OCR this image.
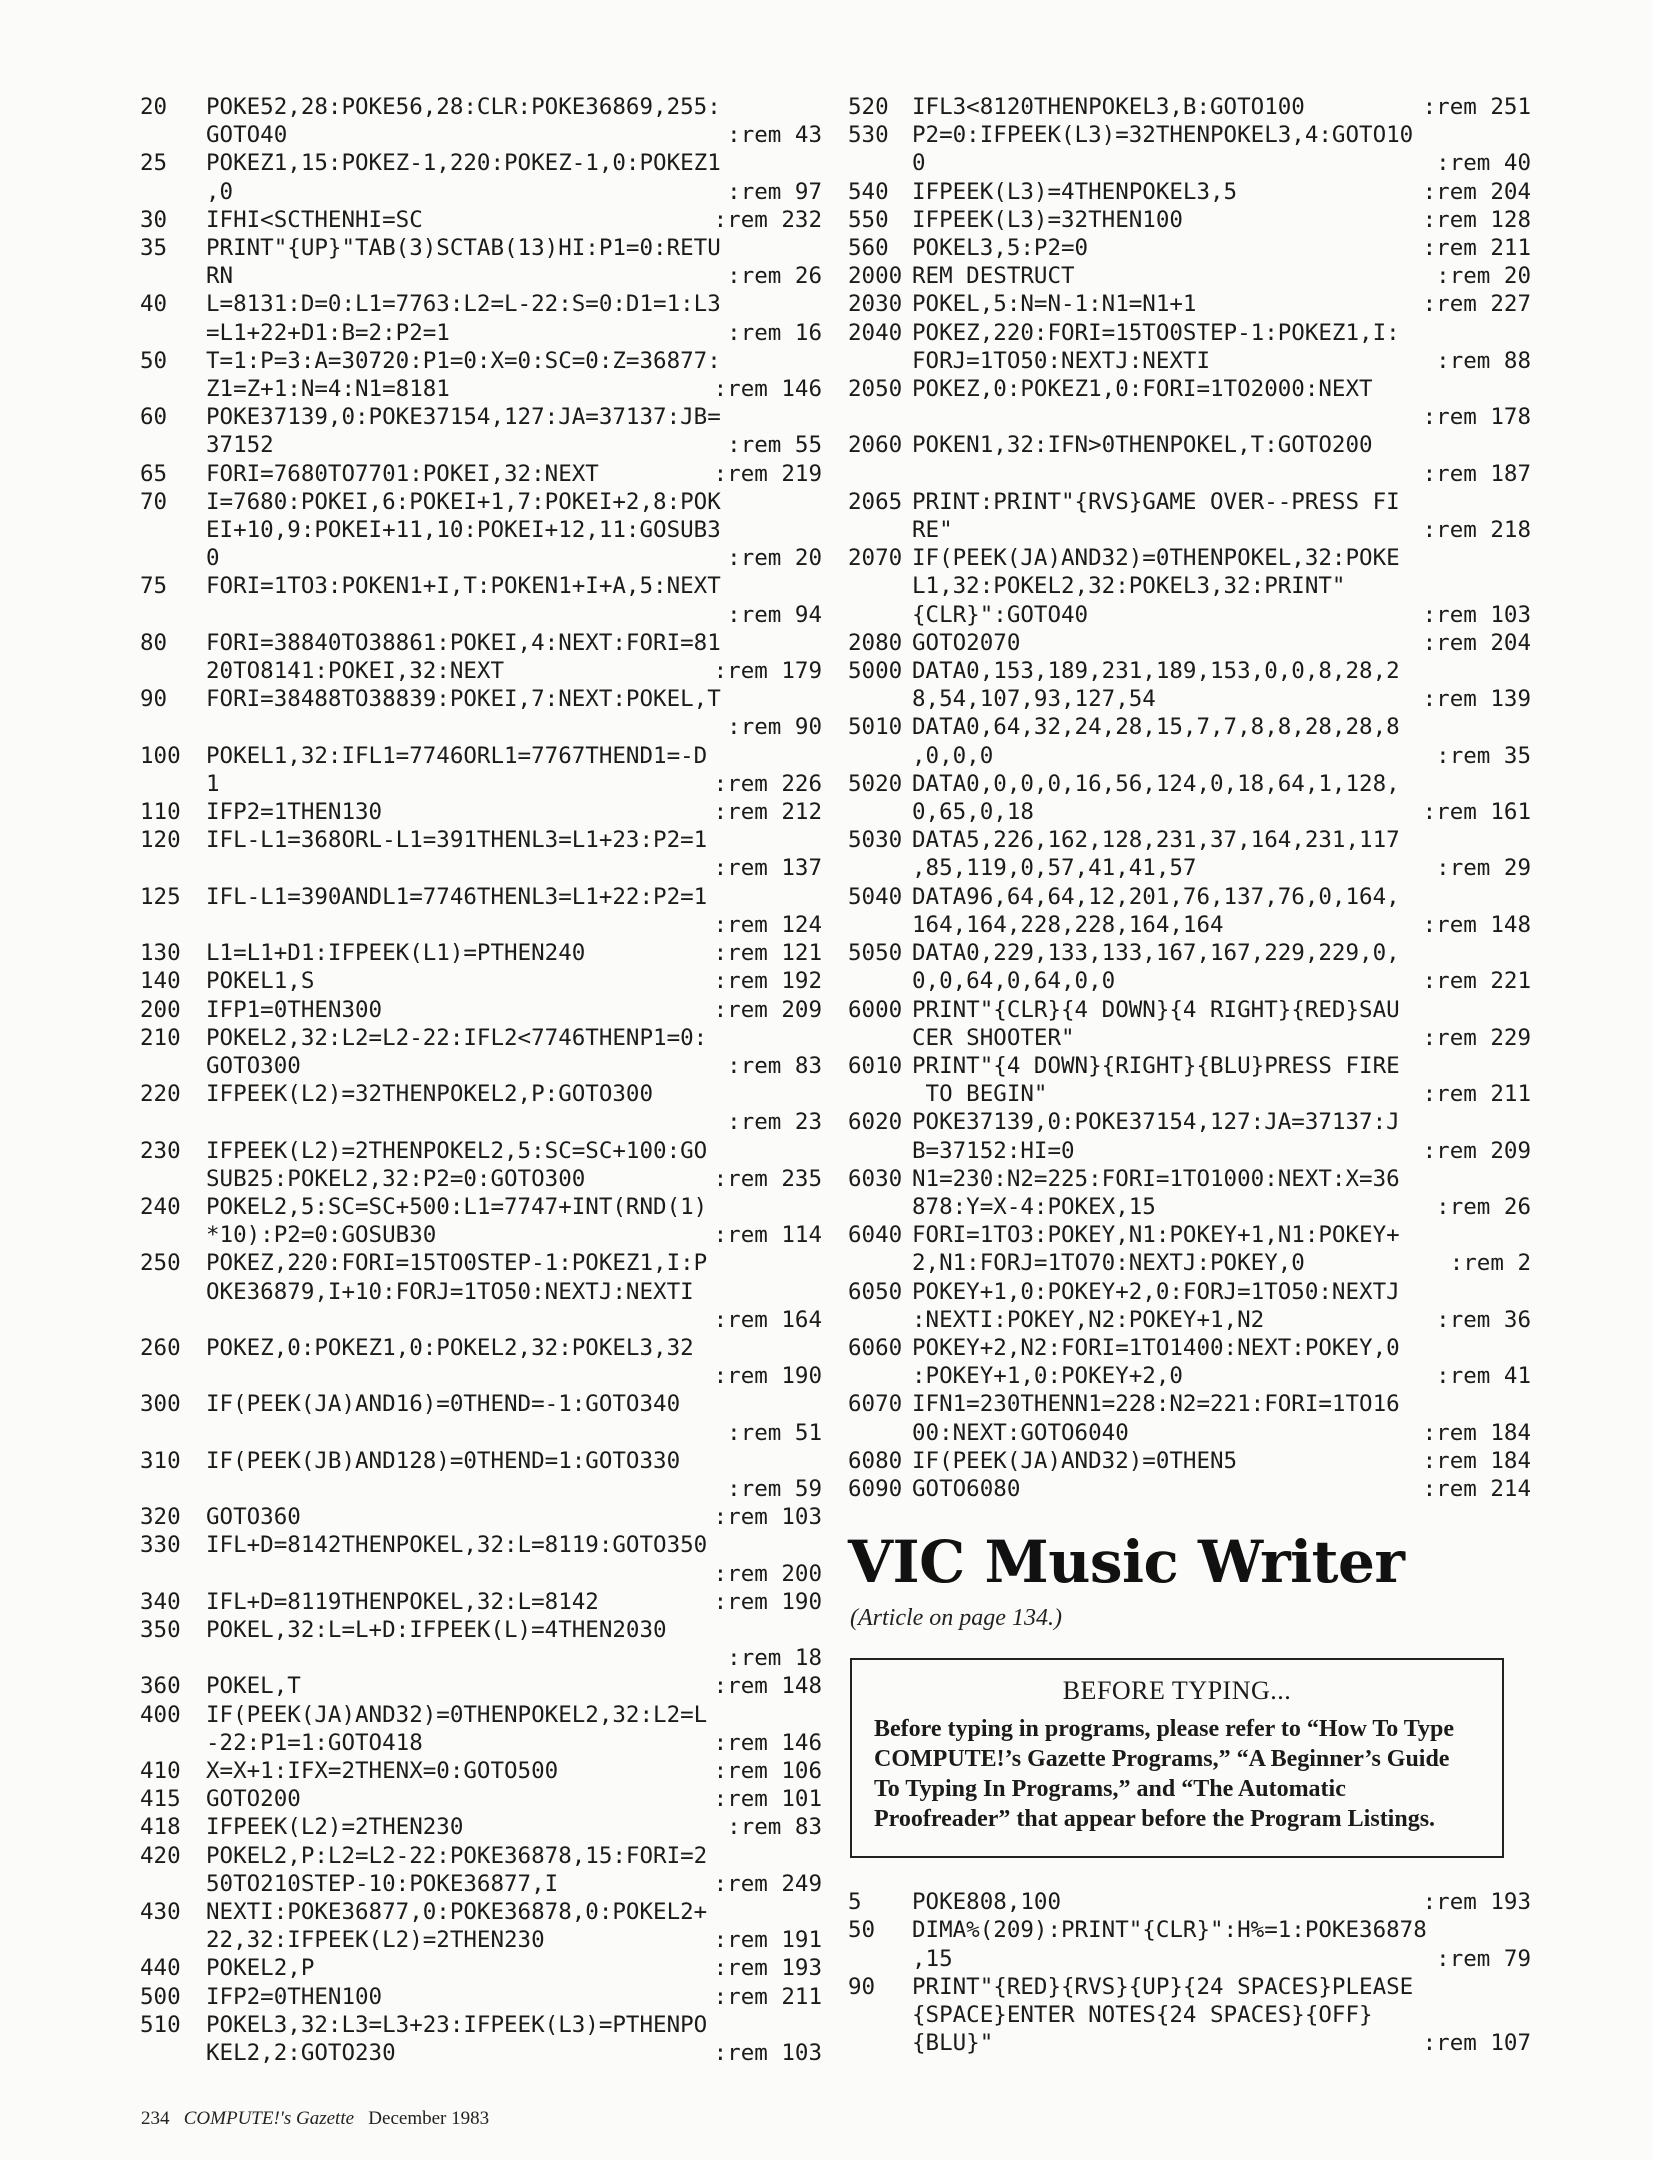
20	POKE52,28:POKE56,28:CLR:POKE36869,255:
GOTO40	:rem 43
25	POKEZ1,15:POKEZ-1,220:POKEZ-1,0:POKEZ1
,0	:rem 97
30	IFHI<SCTHENHI=SC	:rem 232
35	PRINT"{UP}"TAB(3)SCTAB(13)HI:P1=0:RETU
RN	:rem 26
40	L=8131:D=0:L1=7763:L2=L-22:S=0:D1=1:L3
=L1+22+D1:B=2:P2=1	:rem 16
50	T=1:P=3:A=30720:P1=0:X=0:SC=0:Z=36877:
Z1=Z+1:N=4:N1=8181	:rem 146
60	POKE37139,0:POKE37154,127:JA=37137:JB=
37152	:rem 55
65	FORI=7680TO7701:POKEI,32:NEXT	:rem 219
70	I=7680:POKEI,6:POKEI+1,7:POKEI+2,8:POK
EI+10,9:POKEI+11,10:POKEI+12,11:GOSUB3
0	:rem 20
75	FORI=1TO3:POKEN1+I,T:POKEN1+I+A,5:NEXT
:rem 94
80	FORI=38840TO38861:POKEI,4:NEXT:FORI=81
20TO8141:POKEI,32:NEXT	:rem 179
90	FORI=38488TO38839:POKEI,7:NEXT:POKEL,T
:rem 90
100	POKEL1,32:IFL1=7746ORL1=7767THEND1=-D
1	:rem 226
110	IFP2=1THEN130	:rem 212
120	IFL-L1=368ORL-L1=391THENL3=L1+23:P2=1
:rem 137
125	IFL-L1=390ANDL1=7746THENL3=L1+22:P2=1
:rem 124
130	L1=L1+D1:IFPEEK(L1)=PTHEN240	:rem 121
140	POKEL1,S	:rem 192
200	IFP1=0THEN300	:rem 209
210	POKEL2,32:L2=L2-22:IFL2<7746THENP1=0:
GOTO300	:rem 83
220	IFPEEK(L2)=32THENPOKEL2,P:GOTO300
:rem 23
230	IFPEEK(L2)=2THENPOKEL2,5:SC=SC+100:GO
SUB25:POKEL2,32:P2=0:GOTO300	:rem 235
240	POKEL2,5:SC=SC+500:L1=7747+INT(RND(1)
*10):P2=0:GOSUB30	:rem 114
250	POKEZ,220:FORI=15TO0STEP-1:POKEZ1,I:P
OKE36879,I+10:FORJ=1TO50:NEXTJ:NEXTI
:rem 164
260	POKEZ,0:POKEZ1,0:POKEL2,32:POKEL3,32
:rem 190
300	IF(PEEK(JA)AND16)=0THEND=-1:GOTO340
:rem 51
310	IF(PEEK(JB)AND128)=0THEND=1:GOTO330
:rem 59
320	GOTO360	:rem 103
330	IFL+D=8142THENPOKEL,32:L=8119:GOTO350
:rem 200
340	IFL+D=8119THENPOKEL,32:L=8142	:rem 190
350	POKEL,32:L=L+D:IFPEEK(L)=4THEN2030
:rem 18
360	POKEL,T	:rem 148
400	IF(PEEK(JA)AND32)=0THENPOKEL2,32:L2=L
-22:P1=1:GOTO418	:rem 146
410	X=X+1:IFX=2THENX=0:GOTO500	:rem 106
415	GOTO200	:rem 101
418	IFPEEK(L2)=2THEN230	:rem 83
420	POKEL2,P:L2=L2-22:POKE36878,15:FORI=2
50TO210STEP-10:POKE36877,I	:rem 249
430	NEXTI:POKE36877,0:POKE36878,0:POKEL2+
22,32:IFPEEK(L2)=2THEN230	:rem 191
440	POKEL2,P	:rem 193
500	IFP2=0THEN100	:rem 211
510	POKEL3,32:L3=L3+23:IFPEEK(L3)=PTHENPO
KEL2,2:GOTO230	:rem 103
520	IFL3<8120THENPOKEL3,B:GOTO100	:rem 251
530	P2=0:IFPEEK(L3)=32THENPOKEL3,4:GOTO10
0	:rem 40
540	IFPEEK(L3)=4THENPOKEL3,5	:rem 204
550	IFPEEK(L3)=32THEN100	:rem 128
560	POKEL3,5:P2=0	:rem 211
2000 REM DESTRUCT	:rem 20
2030 POKEL,5:N=N-1:N1=N1+1	:rem 227
2040 POKEZ,220:FORI=15TO0STEP-1:POKEZ1,I:
FORJ=1TO50:NEXTJ:NEXTI	:rem 88
2050 POKEZ,0:POKEZ1,0:FORI=1TO2000:NEXT
:rem 178
2060 POKEN1,32:IFN>0THENPOKEL,T:GOTO200
:rem 187
2065 PRINT:PRINT"{RVS}GAME OVER--PRESS FI
RE"	:rem 218
2070 IF(PEEK(JA)AND32)=0THENPOKEL,32:POKE
L1,32:POKEL2,32:POKEL3,32:PRINT"
{CLR}":GOTO40	:rem 103
2080 GOTO2070	:rem 204
5000 DATA0,153,189,231,189,153,0,0,8,28,2
8,54,107,93,127,54	:rem 139
5010 DATA0,64,32,24,28,15,7,7,8,8,28,28,8
,0,0,0	:rem 35
5020 DATA0,0,0,0,16,56,124,0,18,64,1,128,
0,65,0,18	:rem 161
5030 DATA5,226,162,128,231,37,164,231,117
,85,119,0,57,41,41,57	:rem 29
5040 DATA96,64,64,12,201,76,137,76,0,164,
164,164,228,228,164,164	:rem 148
5050 DATA0,229,133,133,167,167,229,229,0,
0,0,64,0,64,0,0	:rem 221
6000 PRINT"{CLR}{4 DOWN}{4 RIGHT}{RED}SAU
CER SHOOTER"	:rem 229
6010 PRINT"{4 DOWN}{RIGHT}{BLU}PRESS FIRE
TO BEGIN"	:rem 211
6020 POKE37139,0:POKE37154,127:JA=37137:J
B=37152:HI=0	:rem 209
6030 N1=230:N2=225:FORI=1TO1000:NEXT:X=36
878:Y=X-4:POKEX,15	:rem 26
6040 FORI=1TO3:POKEY,N1:POKEY+1,N1:POKEY+
2,N1:FORJ=1TO70:NEXTJ:POKEY,0	:rem 2
6050 POKEY+1,0:POKEY+2,0:FORJ=1TO50:NEXTJ
:NEXTI:POKEY,N2:POKEY+1,N2	:rem 36
6060 POKEY+2,N2:FORI=1TO1400:NEXT:POKEY,0
:POKEY+1,0:POKEY+2,0	:rem 41
6070 IFN1=230THENN1=228:N2=221:FORI=1TO16
00:NEXT:GOTO6040	:rem 184
6080 IF(PEEK(JA)AND32)=0THEN5	:rem 184
6090 GOTO6080	:rem 214
VIC Music Writer
(Article on page 134.)
BEFORE TYPING...
Before typing in programs, please refer to “How To Type COMPUTE!’s Gazette Programs,” “A Beginner’s Guide To Typing In Programs,” and “The Automatic Proofreader” that appear before the Program Listings.
5	POKE808,100	:rem 193
50	DIMA%(209):PRINT"{CLR}":H%=1:POKE36878
,15	:rem 79
90	PRINT"{RED}{RVS}{UP}{24 SPACES}PLEASE
{SPACE}ENTER NOTES{24 SPACES}{OFF}
{BLU}"	:rem 107
234 COMPUTE!'s Gazette December 1983
